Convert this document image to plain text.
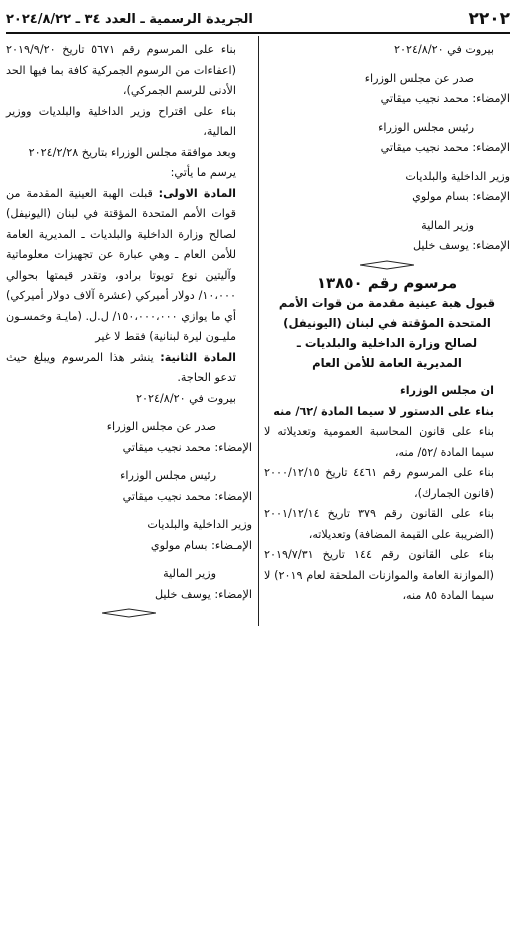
٢٢٠٢
الجريدة الرسمية ـ العدد ٣٤ ـ ٢٠٢٤/٨/٢٢

بيروت في ٢٠٢٤/٨/٢٠

صدر عن مجلس الوزراء

الإمضاء: محمد نجيب ميقاتي

رئيس مجلس الوزراء

الإمضاء: محمد نجيب ميقاتي

وزير الداخلية والبلديات

الإمضاء: بسام مولوي

وزير المالية

الإمضاء: يوسف خليل

مرسوم رقم ١٣٨٥٠

قبول هبة عينية مقدمة من قوات الأمم

المتحدة المؤقتة في لبنان (اليونيفل)

لصالح وزارة الداخلية والبلديات ـ

المديرية العامة للأمن العام

ان مجلس الوزراء

بناء على الدستور لا سيما المادة /٦٢/ منه

بناء على قانون المحاسبة العمومية وتعديلاته لا سيما المادة /٥٢/ منه،

بناء على المرسوم رقم ٤٤٦١ تاريخ ٢٠٠٠/١٢/١٥ (قانون الجمارك)،

بناء على القانون رقم ٣٧٩ تاريخ ٢٠٠١/١٢/١٤ (الضريبة على القيمة المضافة) وتعديلاته،

بناء على القانون رقم ١٤٤ تاريخ ٢٠١٩/٧/٣١ (الموازنة العامة والموازنات الملحقة لعام ٢٠١٩) لا سيما المادة ٨٥ منه،

بناء على المرسوم رقم ٥٦٧١ تاريخ ٢٠١٩/٩/٢٠ (اعفاءات من الرسوم الجمركية كافة بما فيها الحد الأدنى للرسم الجمركي)،

بناء على اقتراح وزير الداخلية والبلديات ووزير المالية،

وبعد موافقة مجلس الوزراء بتاريخ ٢٠٢٤/٢/٢٨

يرسم ما يأتي:

المادة الاولى: قبلت الهبة العينية المقدمة من قوات الأمم المتحدة المؤقتة في لبنان (اليونيفل) لصالح وزارة الداخلية والبلديات ـ المديرية العامة للأمن العام ـ وهي عبارة عن تجهيزات معلوماتية وآليتين نوع تويوتا برادو، وتقدر قيمتها بحوالي ١٠،٠٠٠/ دولار أميركي (عشرة آلاف دولار أميركي) أي ما يوازي ١٥٠،٠٠٠،٠٠٠/ ل.ل. (مايـة وخمسـون مليـون ليرة لبنانية) فقط لا غير

المادة الثانية: ينشر هذا المرسوم ويبلغ حيث تدعو الحاجة.

بيروت في ٢٠٢٤/٨/٢٠

صدر عن مجلس الوزراء

الإمضاء: محمد نجيب ميقاتي

رئيس مجلس الوزراء

الإمضاء: محمد نجيب ميقاتي

وزير الداخلية والبلديات

الإمـضاء: بسام مولوي

وزير المالية

الإمضاء: يوسف خليل
